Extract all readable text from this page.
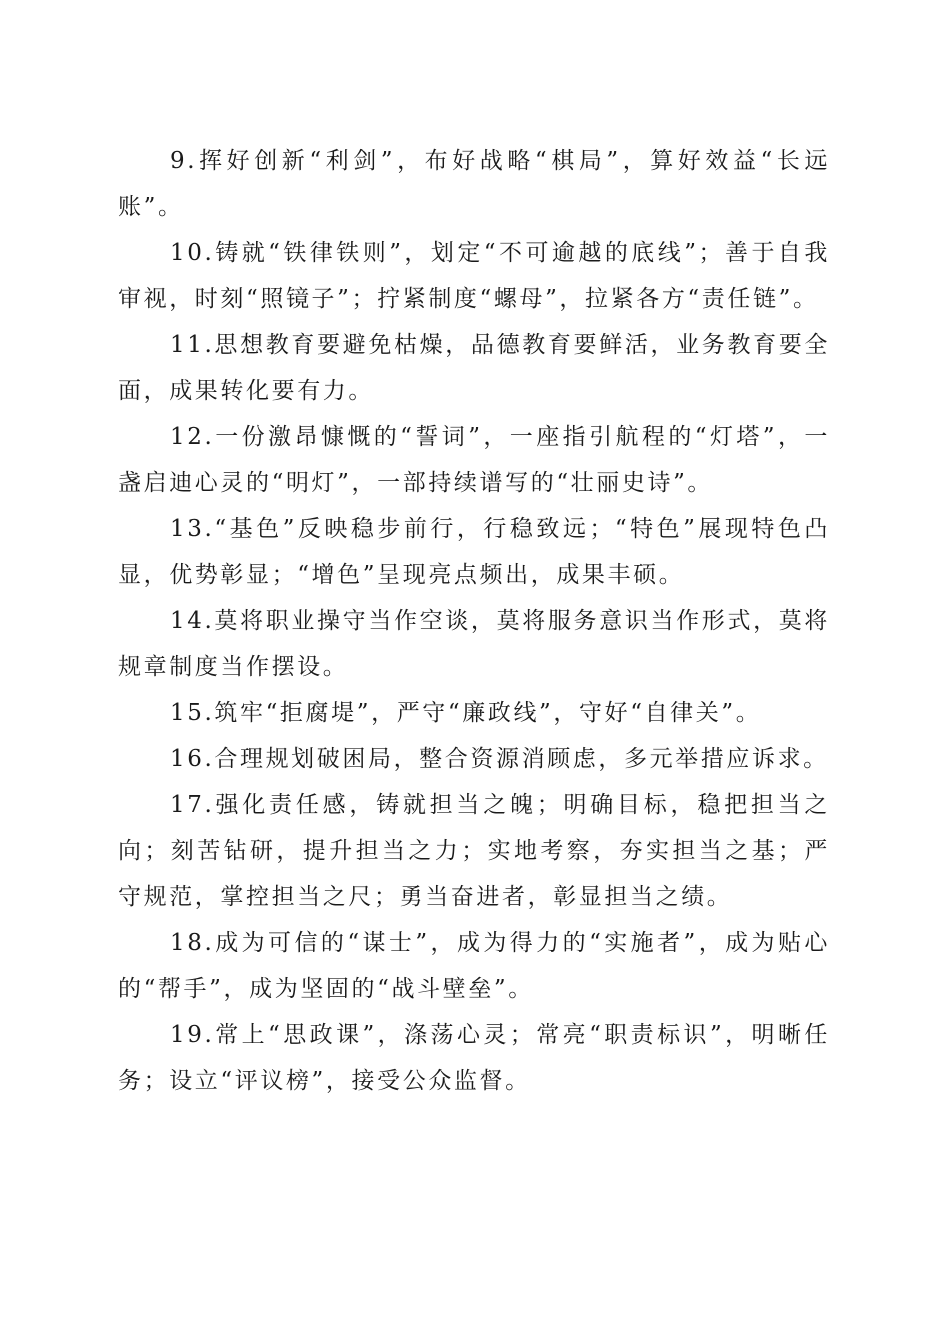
9.挥好创新“利剑”，布好战略“棋局”，算好效益“长远账”。

10.铸就“铁律铁则”，划定“不可逾越的底线”；善于自我审视，时刻“照镜子”；拧紧制度“螺母”，拉紧各方“责任链”。

11.思想教育要避免枯燥，品德教育要鲜活，业务教育要全面，成果转化要有力。

12.一份激昂慷慨的“誓词”，一座指引航程的“灯塔”，一盏启迪心灵的“明灯”，一部持续谱写的“壮丽史诗”。

13.“基色”反映稳步前行，行稳致远；“特色”展现特色凸显，优势彰显；“增色”呈现亮点频出，成果丰硕。

14.莫将职业操守当作空谈，莫将服务意识当作形式，莫将规章制度当作摆设。

15.筑牢“拒腐堤”，严守“廉政线”，守好“自律关”。

16.合理规划破困局，整合资源消顾虑，多元举措应诉求。

17.强化责任感，铸就担当之魄；明确目标，稳把担当之向；刻苦钻研，提升担当之力；实地考察，夯实担当之基；严守规范，掌控担当之尺；勇当奋进者，彰显担当之绩。

18.成为可信的“谋士”，成为得力的“实施者”，成为贴心的“帮手”，成为坚固的“战斗壁垒”。

19.常上“思政课”，涤荡心灵；常亮“职责标识”，明晰任务；设立“评议榜”，接受公众监督。
